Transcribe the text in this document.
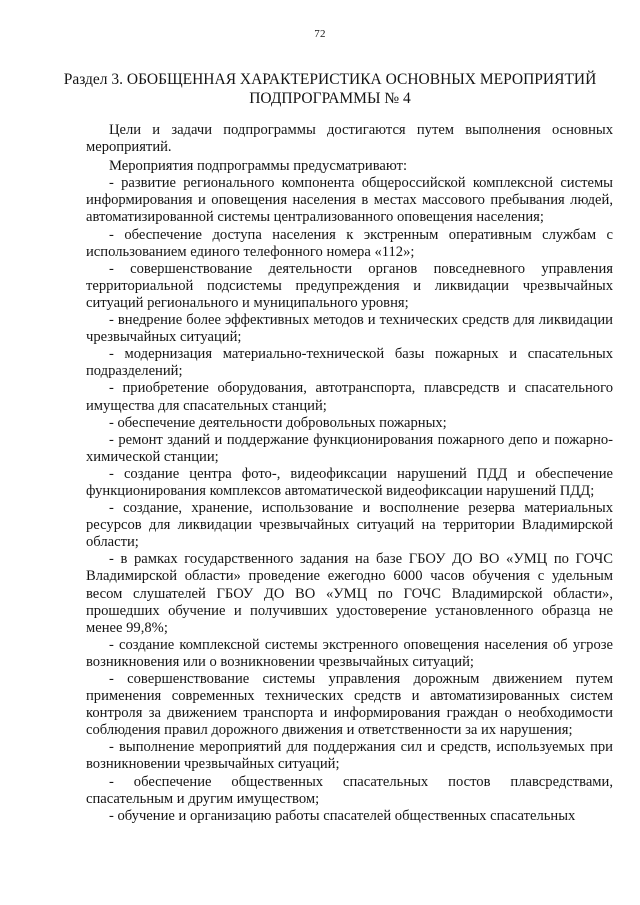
72
Раздел 3. ОБОБЩЕННАЯ ХАРАКТЕРИСТИКА ОСНОВНЫХ МЕРОПРИЯТИЙ ПОДПРОГРАММЫ № 4

Цели и задачи подпрограммы достигаются путем выполнения основных мероприятий.

Мероприятия подпрограммы предусматривают:

- развитие регионального компонента общероссийской комплексной системы информирования и оповещения населения в местах массового пребывания людей, автоматизированной системы централизованного оповещения населения;

- обеспечение доступа населения к экстренным оперативным службам с использованием единого телефонного номера «112»;

- совершенствование деятельности органов повседневного управления территориальной подсистемы предупреждения и ликвидации чрезвычайных ситуаций регионального и муниципального уровня;

- внедрение более эффективных методов и технических средств для ликвидации чрезвычайных ситуаций;

- модернизация материально-технической базы пожарных и спасательных подразделений;

- приобретение оборудования, автотранспорта, плавсредств и спасательного имущества для спасательных станций;

- обеспечение деятельности добровольных пожарных;

- ремонт зданий и поддержание функционирования пожарного депо и пожарно-химической станции;

- создание центра фото-, видеофиксации нарушений ПДД и обеспечение функционирования комплексов автоматической видеофиксации нарушений ПДД;

- создание, хранение, использование и восполнение резерва материальных ресурсов для ликвидации чрезвычайных ситуаций на территории Владимирской области;

- в рамках государственного задания на базе ГБОУ ДО ВО «УМЦ по ГОЧС Владимирской области» проведение ежегодно 6000 часов обучения с удельным весом слушателей ГБОУ ДО ВО «УМЦ по ГОЧС Владимирской области», прошедших обучение и получивших удостоверение установленного образца не менее 99,8%;

- создание комплексной системы экстренного оповещения населения об угрозе возникновения или о возникновении чрезвычайных ситуаций;

- совершенствование системы управления дорожным движением путем применения современных технических средств и автоматизированных систем контроля за движением транспорта и информирования граждан о необходимости соблюдения правил дорожного движения и ответственности за их нарушения;

- выполнение мероприятий для поддержания сил и средств, используемых при возникновении чрезвычайных ситуаций;

- обеспечение общественных спасательных постов плавсредствами, спасательным и другим имуществом;

- обучение и организацию работы спасателей общественных спасательных
